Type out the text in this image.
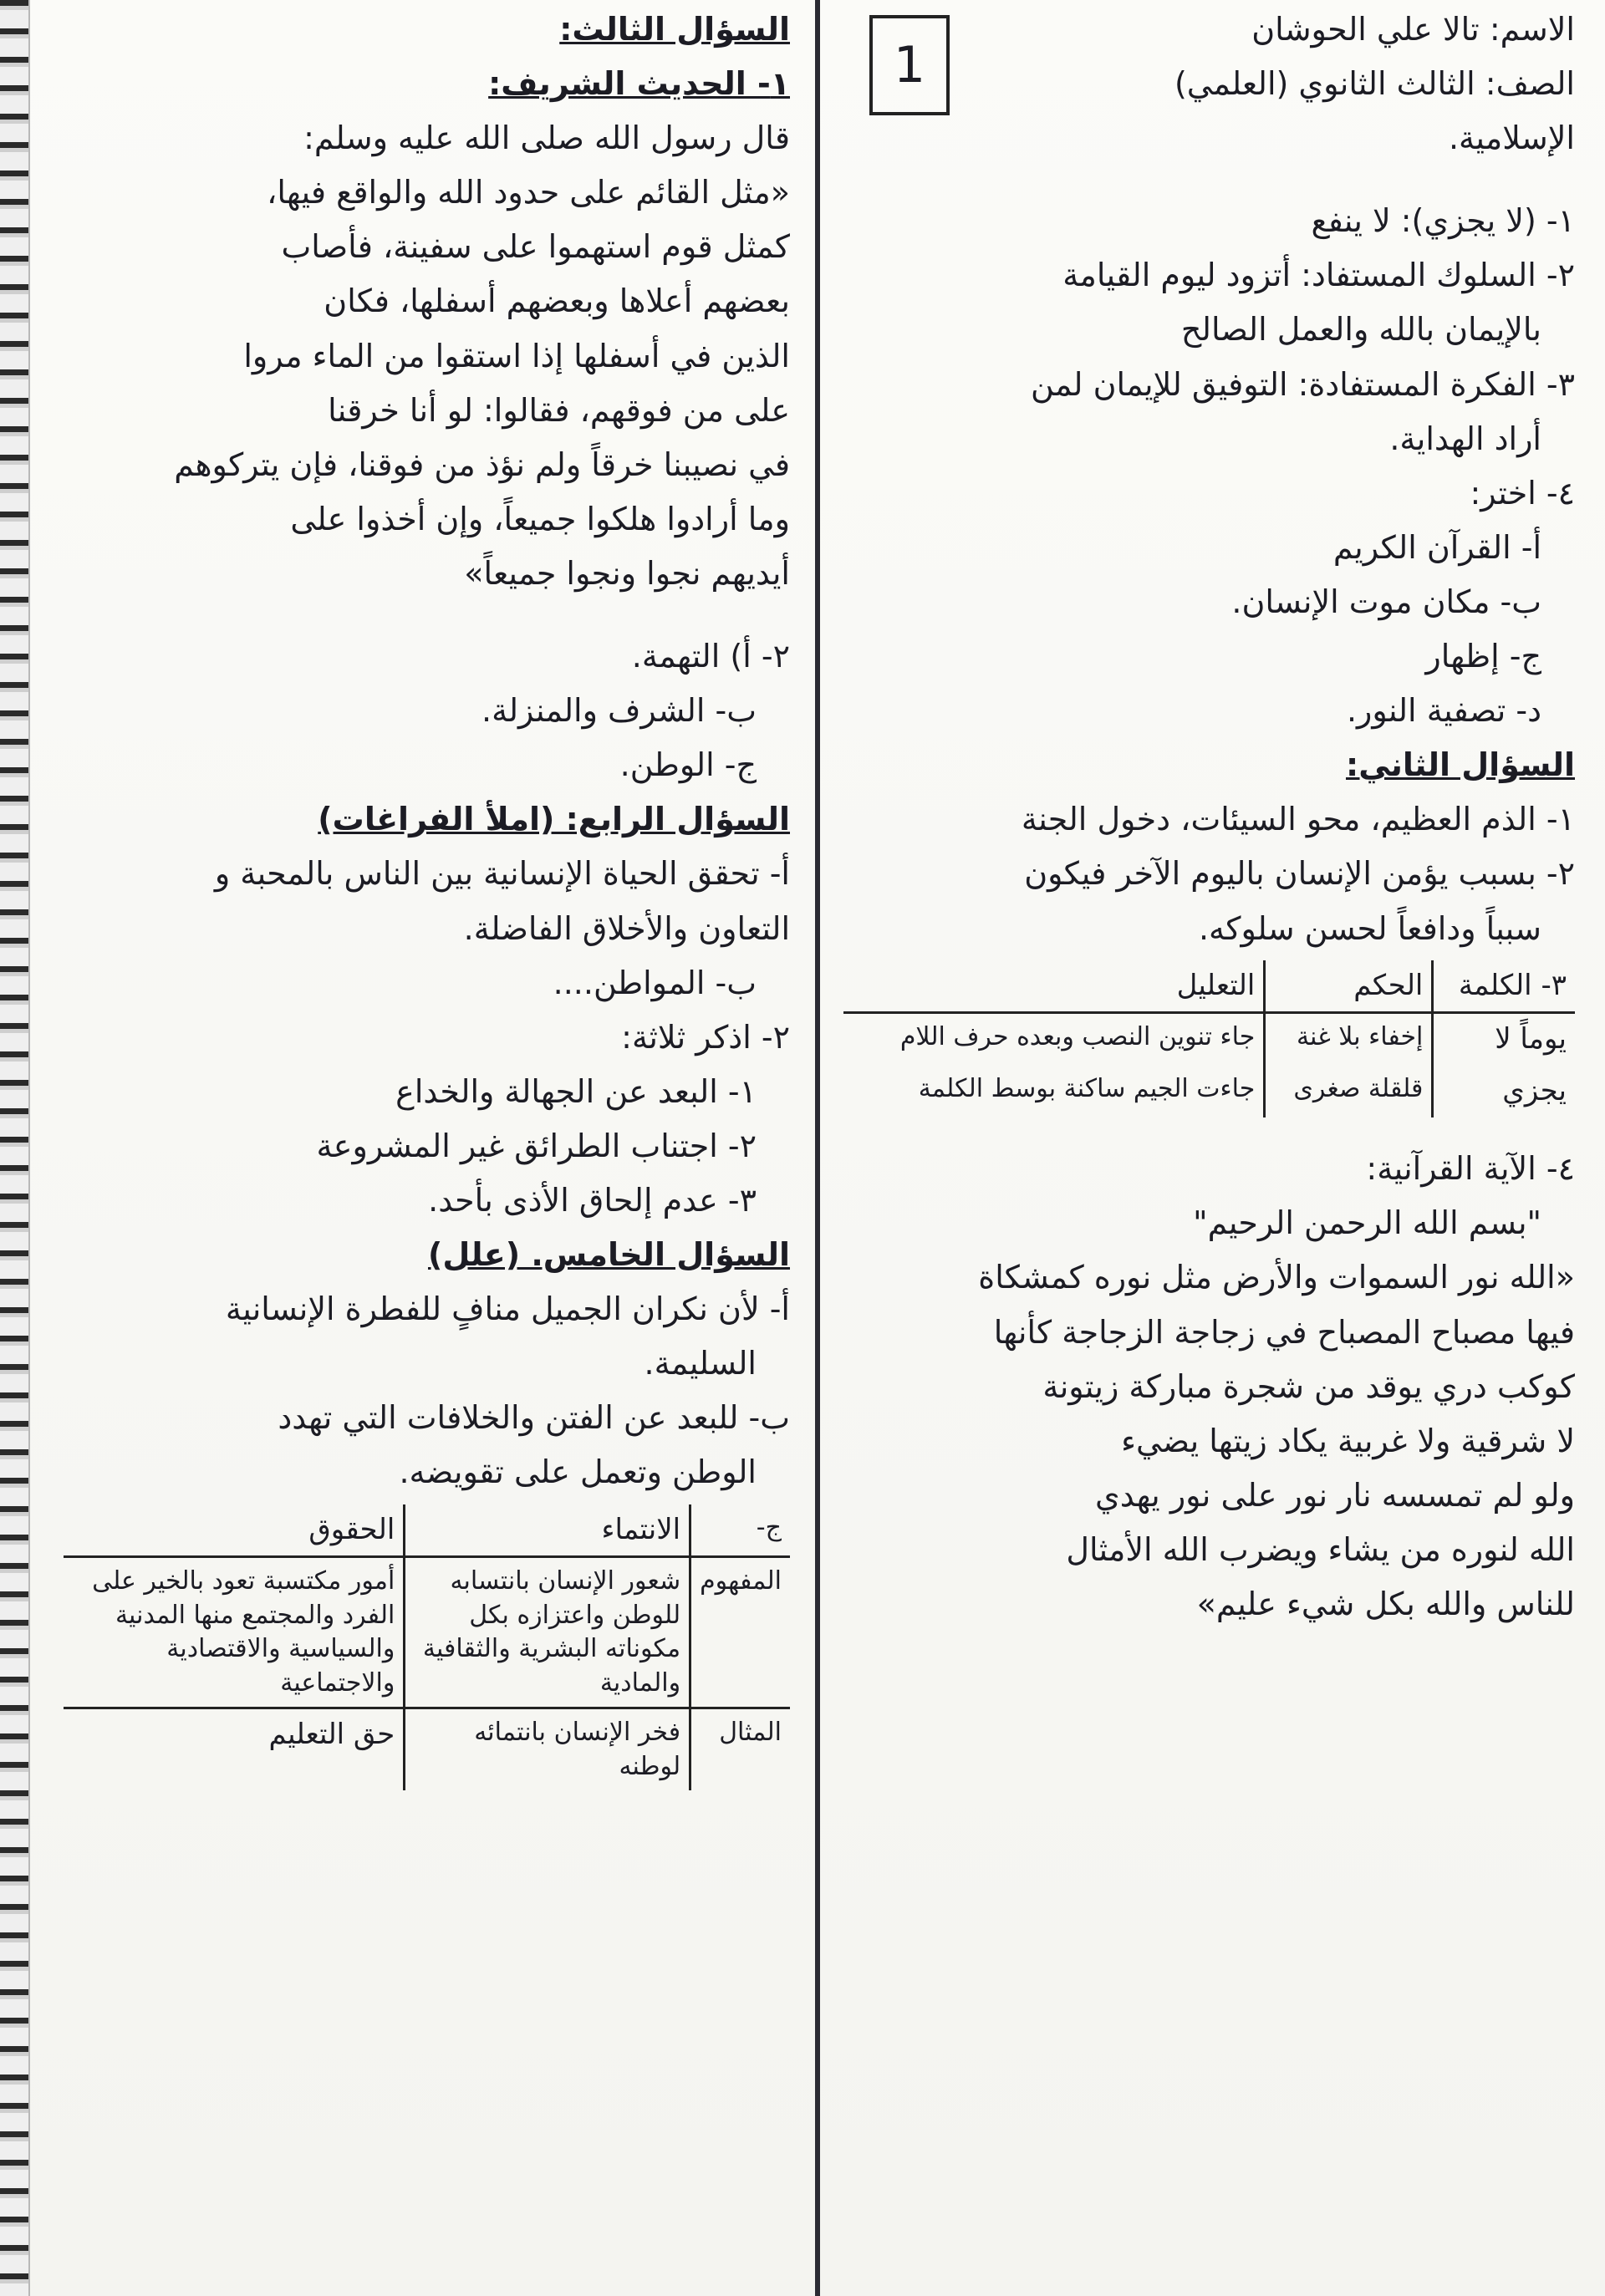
1
الاسم: تالا علي الحوشان
الصف: الثالث الثانوي (العلمي)
الإسلامية.
١- (لا يجزي): لا ينفع
٢- السلوك المستفاد: أتزود ليوم القيامة
بالإيمان بالله والعمل الصالح
٣- الفكرة المستفادة: التوفيق للإيمان لمن
أراد الهداية.
٤- اختر:
أ- القرآن الكريم
ب- مكان موت الإنسان.
ج- إظهار
د- تصفية النور.
السؤال الثاني:
١- الذم العظيم، محو السيئات، دخول الجنة
٢- بسبب يؤمن الإنسان باليوم الآخر فيكون
سبباً ودافعاً لحسن سلوكه.
٣- الكلمة	الحكم	التعليل
يوماً لا	إخفاء بلا غنة	جاء تنوين النصب وبعده حرف اللام
يجزي	قلقلة صغرى	جاءت الجيم ساكنة بوسط الكلمة
٤- الآية القرآنية:
"بسم الله الرحمن الرحيم"
«الله نور السموات والأرض مثل نوره كمشكاة
فيها مصباح المصباح في زجاجة الزجاجة كأنها
كوكب دري يوقد من شجرة مباركة زيتونة
لا شرقية ولا غربية يكاد زيتها يضيء
ولو لم تمسسه نار نور على نور يهدي
الله لنوره من يشاء ويضرب الله الأمثال
للناس والله بكل شيء عليم»
السؤال الثالث:
١- الحديث الشريف:
قال رسول الله صلى الله عليه وسلم:
«مثل القائم على حدود الله والواقع فيها،
كمثل قوم استهموا على سفينة، فأصاب
بعضهم أعلاها وبعضهم أسفلها، فكان
الذين في أسفلها إذا استقوا من الماء مروا
على من فوقهم، فقالوا: لو أنا خرقنا
في نصيبنا خرقاً ولم نؤذ من فوقنا، فإن يتركوهم
وما أرادوا هلكوا جميعاً، وإن أخذوا على
أيديهم نجوا ونجوا جميعاً»
٢- أ) التهمة.
ب- الشرف والمنزلة.
ج- الوطن.
السؤال الرابع: (املأ الفراغات)
أ- تحقق الحياة الإنسانية بين الناس بالمحبة و
التعاون والأخلاق الفاضلة.
ب- المواطن....
٢- اذكر ثلاثة:
١- البعد عن الجهالة والخداع
٢- اجتناب الطرائق غير المشروعة
٣- عدم إلحاق الأذى بأحد.
السؤال الخامس. (علل)
أ- لأن نكران الجميل منافٍ للفطرة الإنسانية
السليمة.
ب- للبعد عن الفتن والخلافات التي تهدد
الوطن وتعمل على تقويضه.
ج-	الانتماء	الحقوق
المفهوم	شعور الإنسان بانتسابه للوطن واعتزازه بكل مكوناته البشرية والثقافية والمادية	أمور مكتسبة تعود بالخير على الفرد والمجتمع منها المدنية والسياسية والاقتصادية والاجتماعية
المثال	فخر الإنسان بانتمائه لوطنه	حق التعليم
